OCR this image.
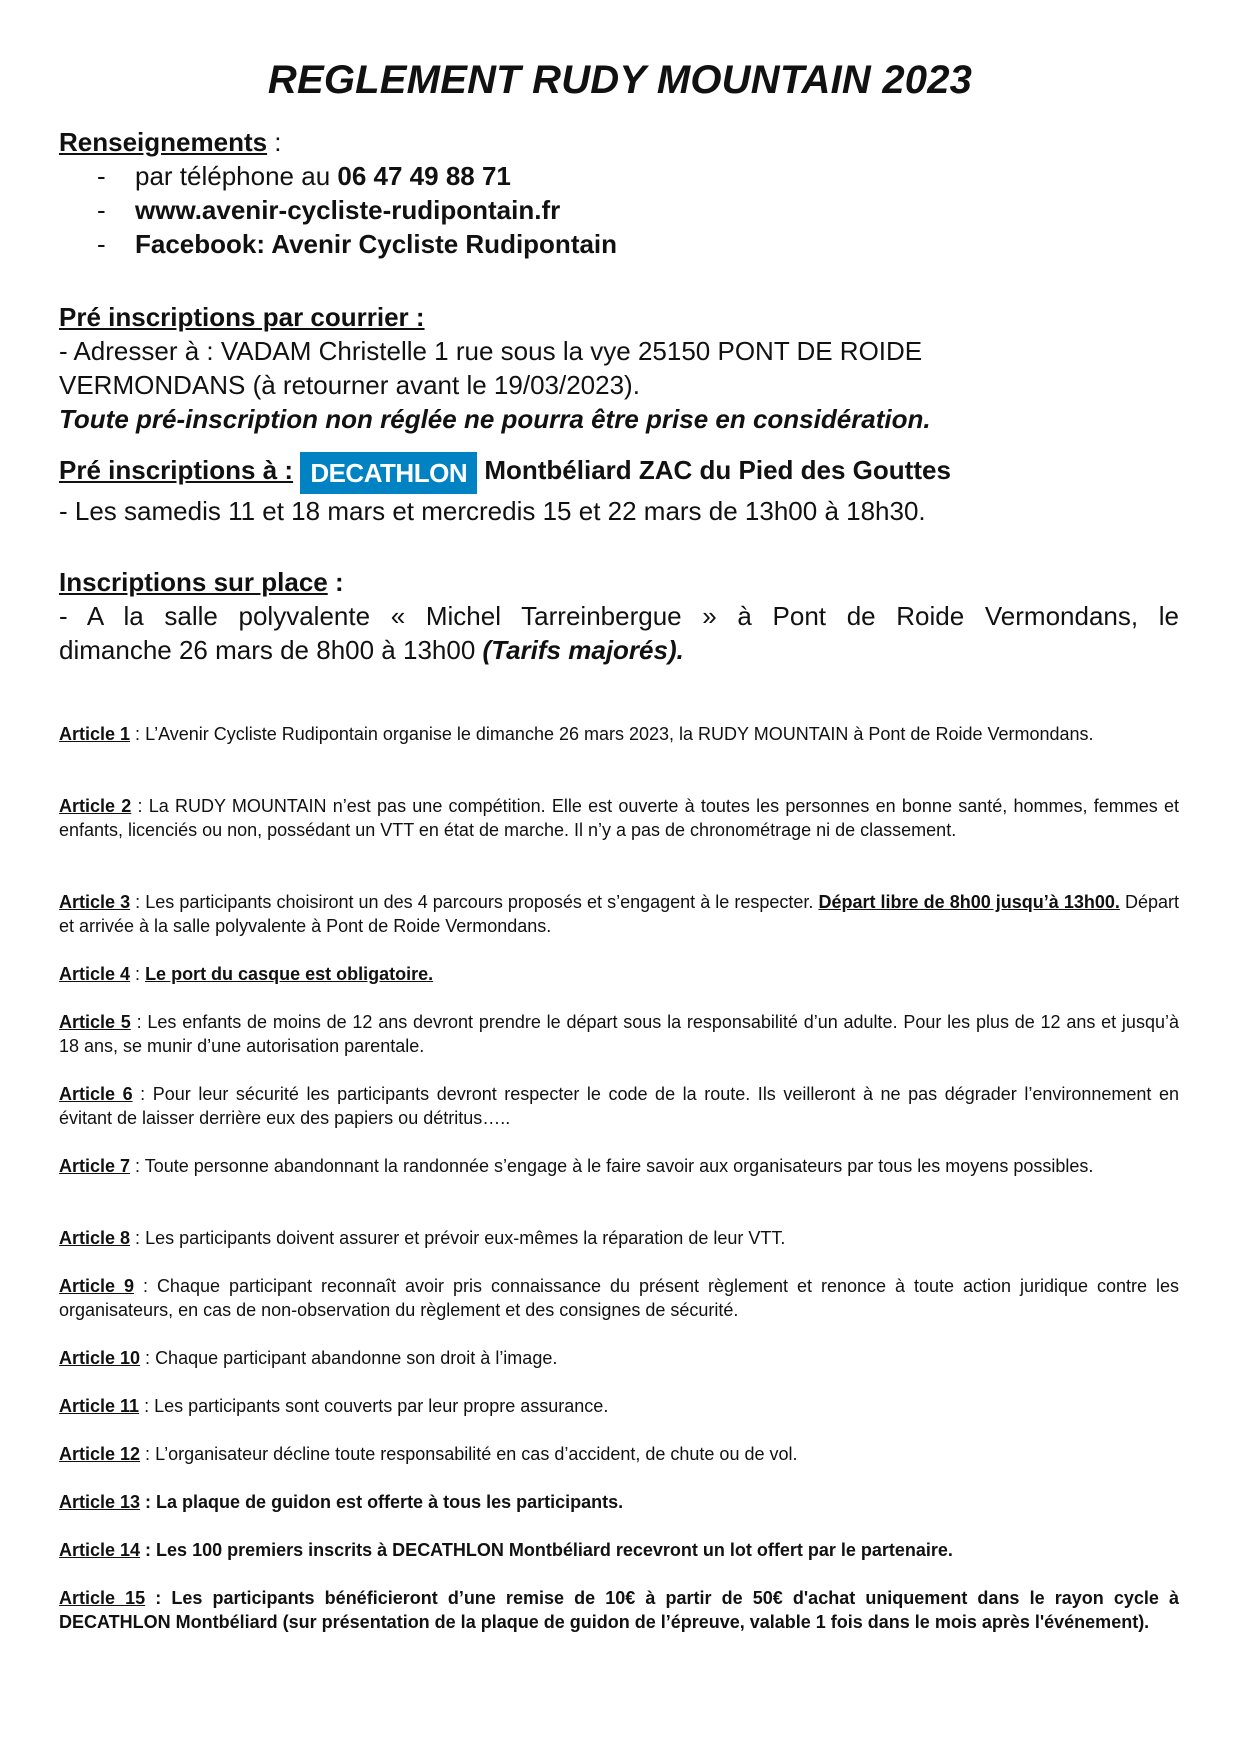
REGLEMENT RUDY MOUNTAIN 2023
Renseignements :
-	par téléphone au 06 47 49 88 71
-	www.avenir-cycliste-rudipontain.fr
-	Facebook: Avenir Cycliste Rudipontain
Pré inscriptions par courrier :
- Adresser à : VADAM Christelle 1 rue sous la vye 25150 PONT DE ROIDE
VERMONDANS (à retourner avant le 19/03/2023).
Toute pré-inscription non réglée ne pourra être prise en considération.
Pré inscriptions à : DECATHLON Montbéliard ZAC du Pied des Gouttes
- Les samedis 11 et 18 mars et mercredis 15 et 22 mars de 13h00 à 18h30.
Inscriptions sur place :
- A la salle polyvalente « Michel Tarreinbergue » à Pont de Roide Vermondans, le
dimanche 26 mars de 8h00 à 13h00 (Tarifs majorés).
Article 1 : L’Avenir Cycliste Rudipontain organise le dimanche 26 mars 2023, la RUDY MOUNTAIN à Pont de Roide Vermondans.
Article 2 : La RUDY MOUNTAIN n’est pas une compétition. Elle est ouverte à toutes les personnes en bonne santé, hommes, femmes et enfants, licenciés ou non, possédant un VTT en état de marche. Il n’y a pas de chronométrage ni de classement.
Article 3 : Les participants choisiront un des 4 parcours proposés et s’engagent à le respecter. Départ libre de 8h00 jusqu’à 13h00. Départ et arrivée à la salle polyvalente à Pont de Roide Vermondans.
Article 4 : Le port du casque est obligatoire.
Article 5 : Les enfants de moins de 12 ans devront prendre le départ sous la responsabilité d’un adulte. Pour les plus de 12 ans et jusqu’à 18 ans, se munir d’une autorisation parentale.
Article 6 : Pour leur sécurité les participants devront respecter le code de la route. Ils veilleront à ne pas dégrader l’environnement en évitant de laisser derrière eux des papiers ou détritus…..
Article 7 : Toute personne abandonnant la randonnée s’engage à le faire savoir aux organisateurs par tous les moyens possibles.
Article 8 : Les participants doivent assurer et prévoir eux-mêmes la réparation de leur VTT.
Article 9 : Chaque participant reconnaît avoir pris connaissance du présent règlement et renonce à toute action juridique contre les organisateurs, en cas de non-observation du règlement et des consignes de sécurité.
Article 10 : Chaque participant abandonne son droit à l’image.
Article 11 : Les participants sont couverts par leur propre assurance.
Article 12 : L’organisateur décline toute responsabilité en cas d’accident, de chute ou de vol.
Article 13 : La plaque de guidon est offerte à tous les participants.
Article 14 : Les 100 premiers inscrits à DECATHLON Montbéliard recevront un lot offert par le partenaire.
Article 15 : Les participants bénéficieront d’une remise de 10€ à partir de 50€ d'achat uniquement dans le rayon cycle à DECATHLON Montbéliard (sur présentation de la plaque de guidon de l’épreuve, valable 1 fois dans le mois après l'événement).
